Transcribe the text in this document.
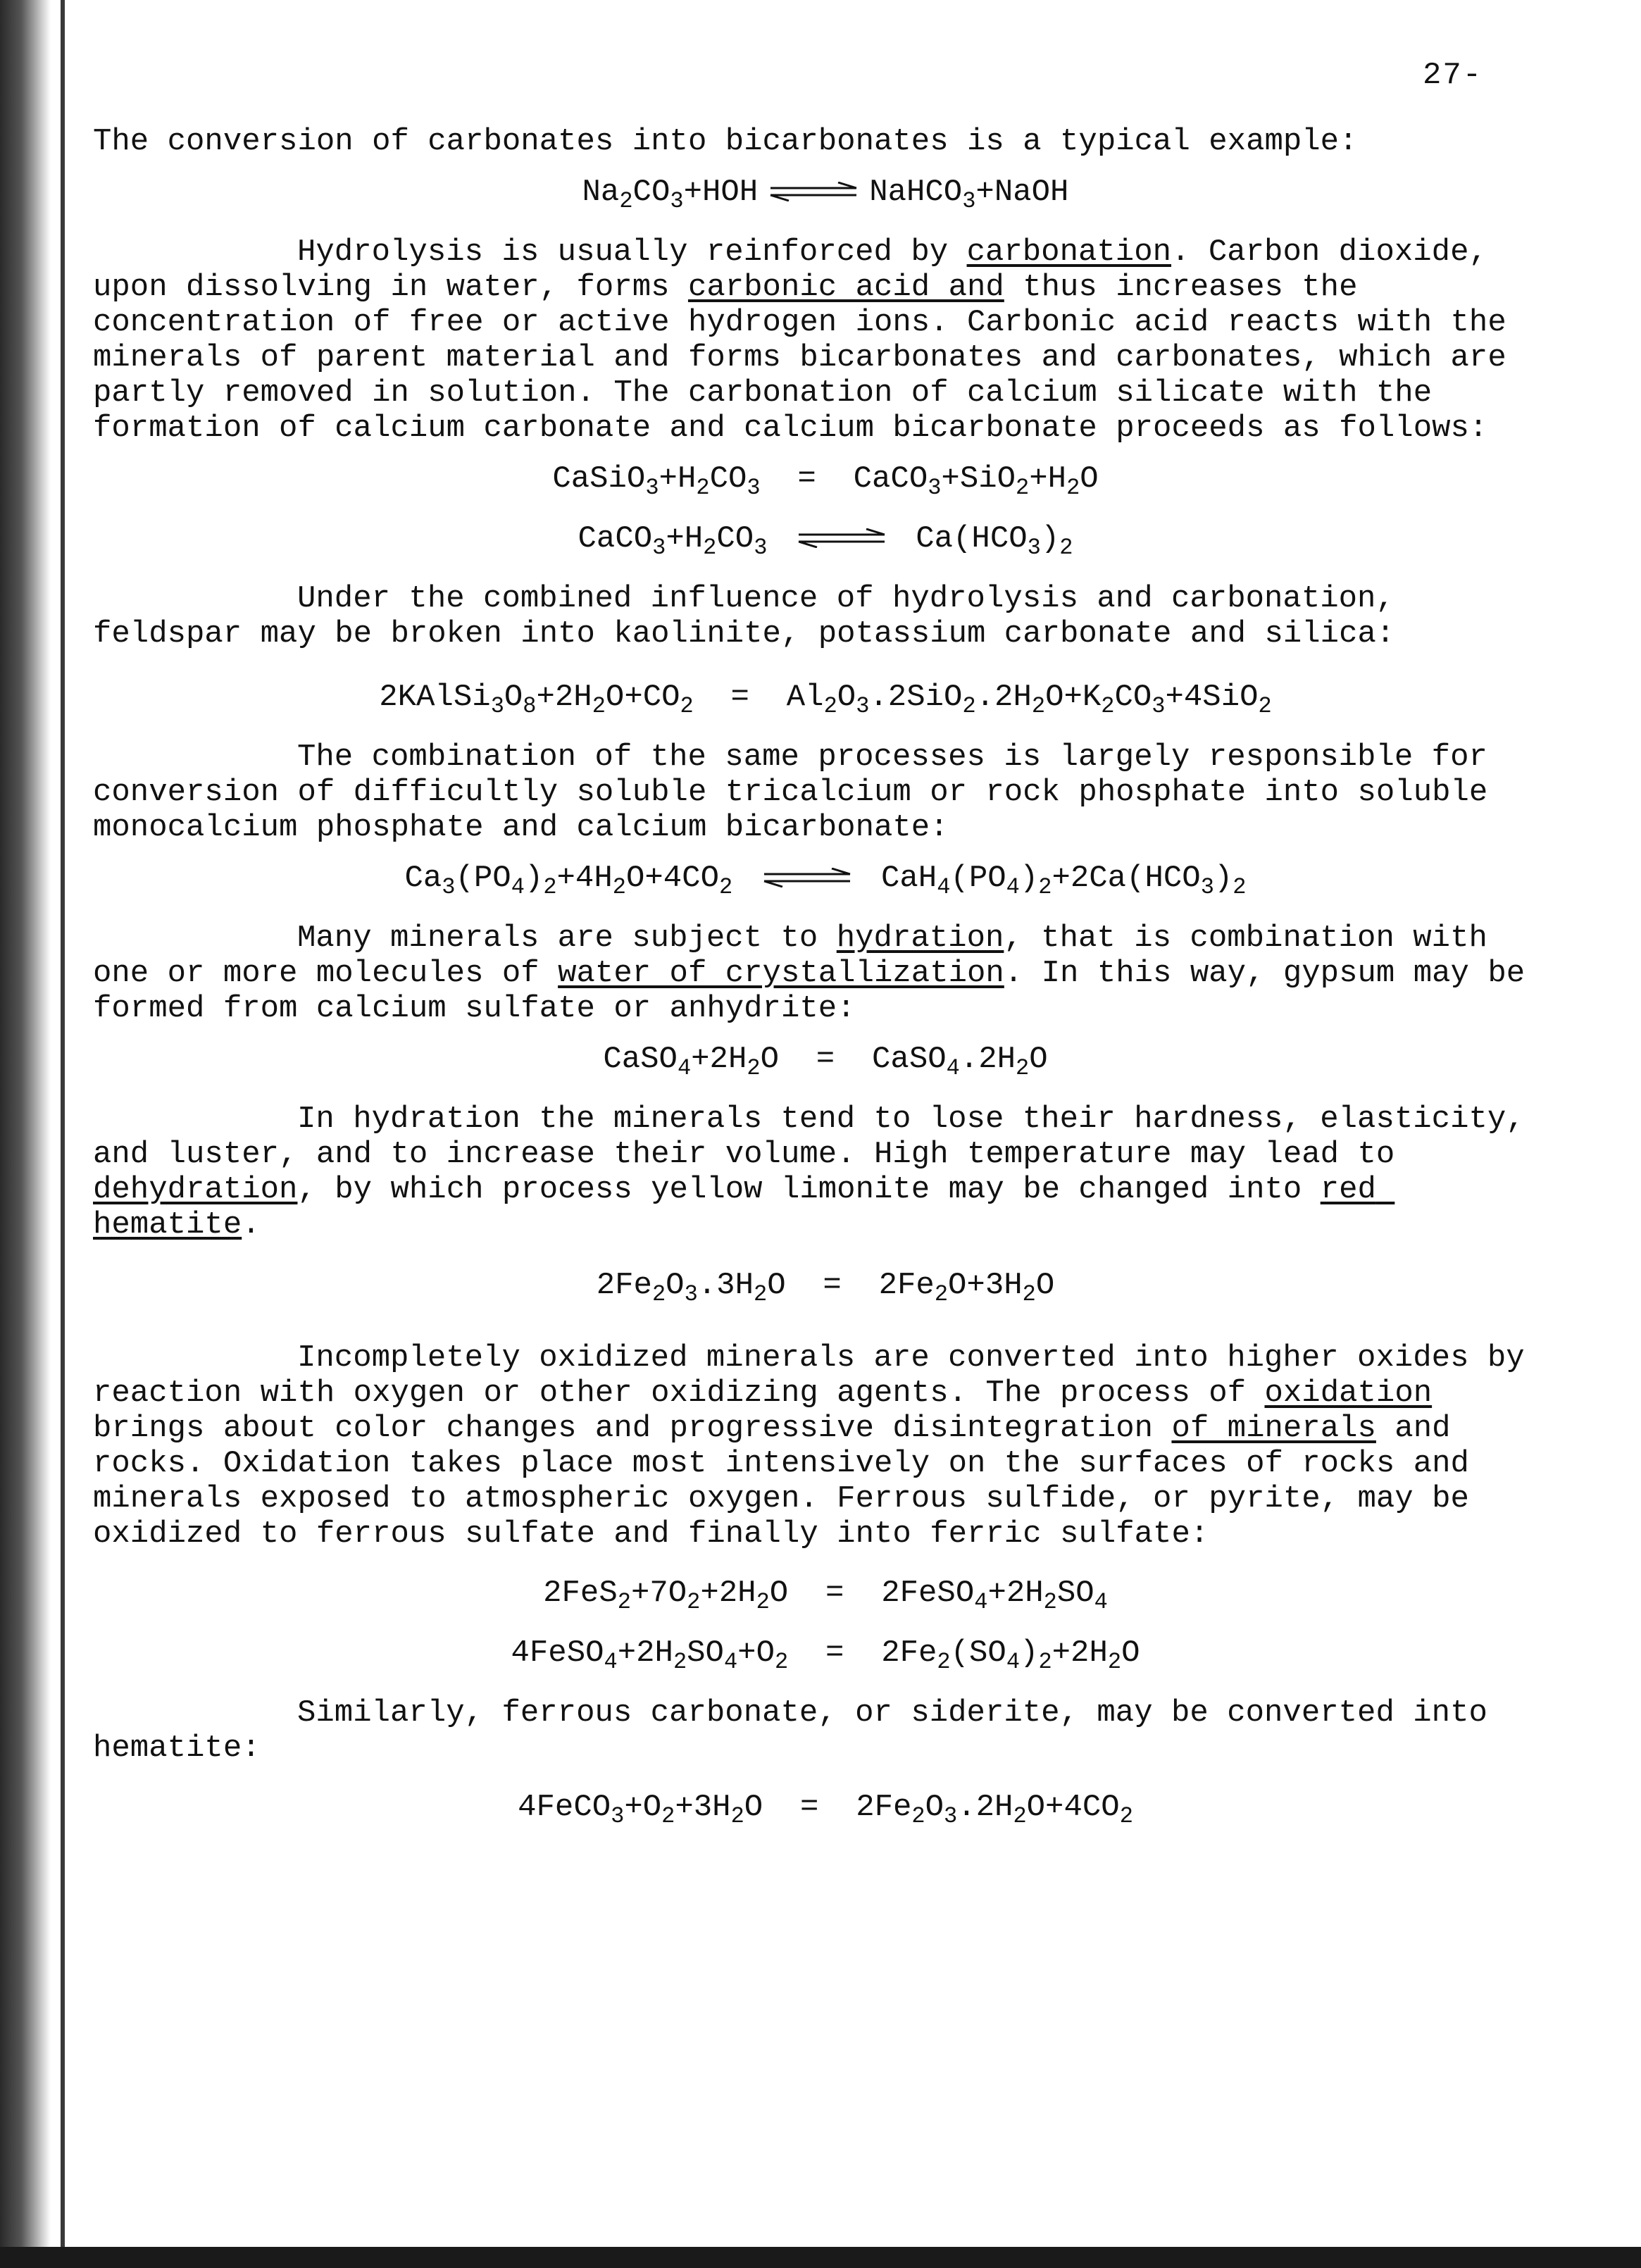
27-

The conversion of carbonates into bicarbonates is a typical example:

$Na_2CO_3+HOH$ ⇌ NaHCO$_3$+NaOH

Hydrolysis is usually reinforced by carbonation. Carbon dioxide, upon dissolving in water, forms carbonic acid and thus increases the concentration of free or active hydrogen ions. Carbonic acid reacts with the minerals of parent material and forms bicarbonates and carbonates, which are partly removed in solution. The carbonation of calcium silicate with the formation of calcium carbonate and calcium bicarbonate proceeds as follows:

$CaSiO_3+H_2CO_3$  =  $CaCO_3+SiO_2+H_2O$
$CaCO_3+H_2CO_3$ ⇌ $Ca(HCO_3)_2$

Under the combined influence of hydrolysis and carbonation, feldspar may be broken into kaolinite, potassium carbonate and silica:

$2KAlSi_3O_8+2H_2O+CO_2 = Al_2O_3.2SiO_2.2H_2O+K_2CO_3+4SiO_2$

The combination of the same processes is largely responsible for conversion of difficultly soluble tricalcium or rock phosphate into soluble monocalcium phosphate and calcium bicarbonate:

$Ca_3(PO_4)_2+4H_2O+4CO_2$ ⇌ $CaH_4(PO_4)_2+2Ca(HCO_3)_2$

Many minerals are subject to hydration, that is combination with one or more molecules of water of crystallization. In this way, gypsum may be formed from calcium sulfate or anhydrite:

$CaSO_4+2H_2O$  =  $CaSO_4.2H_2O$

In hydration the minerals tend to lose their hardness, elasticity, and luster, and to increase their volume. High temperature may lead to dehydration, by which process yellow limonite may be changed into red hematite.

$2Fe_2O_3.3H_2O = 2Fe_2O+3H_2O$

Incompletely oxidized minerals are converted into higher oxides by reaction with oxygen or other oxidizing agents. The process of oxidation brings about color changes and progressive disintegration of minerals and rocks. Oxidation takes place most intensively on the surfaces of rocks and minerals exposed to atmospheric oxygen. Ferrous sulfide, or pyrite, may be oxidized to ferrous sulfate and finally into ferric sulfate:

$2FeS_2+7O_2+2H_2O$  =  $2FeSO_4+2H_2SO_4$
$4FeSO_4+2H_2SO_4+O_2 = 2Fe_2(SO_4)_2+2H_2O$

Similarly, ferrous carbonate, or siderite, may be converted into hematite:

$4FeCO_3+O_2+3H_2O = 2Fe_2O_3.2H_2O+4CO_2$
